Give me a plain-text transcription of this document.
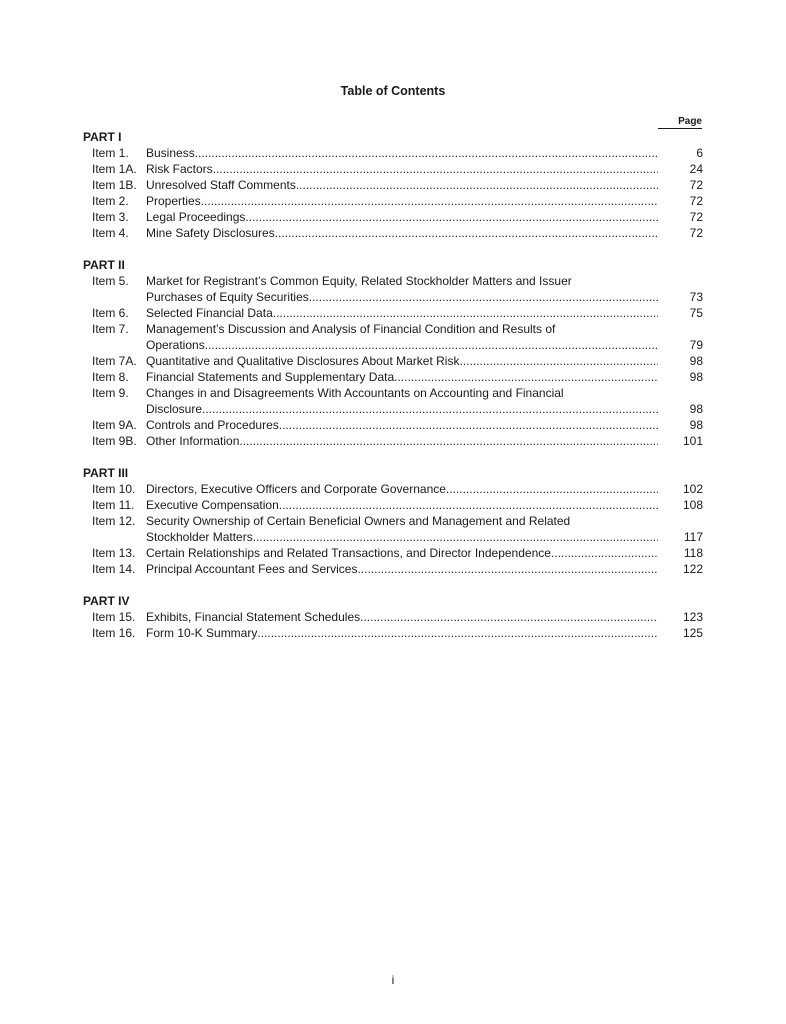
Table of Contents
Page
PART I
Item 1. Business .....	6
Item 1A. Risk Factors .....	24
Item 1B. Unresolved Staff Comments .....	72
Item 2. Properties .....	72
Item 3. Legal Proceedings .....	72
Item 4. Mine Safety Disclosures .....	72
PART II
Item 5. Market for Registrant’s Common Equity, Related Stockholder Matters and Issuer
Purchases of Equity Securities .....	73
Item 6. Selected Financial Data .....	75
Item 7. Management’s Discussion and Analysis of Financial Condition and Results of
Operations .....	79
Item 7A. Quantitative and Qualitative Disclosures About Market Risk .....	98
Item 8. Financial Statements and Supplementary Data .....	98
Item 9. Changes in and Disagreements With Accountants on Accounting and Financial
Disclosure .....	98
Item 9A. Controls and Procedures .....	98
Item 9B. Other Information .....	101
PART III
Item 10. Directors, Executive Officers and Corporate Governance .....	102
Item 11. Executive Compensation .....	108
Item 12. Security Ownership of Certain Beneficial Owners and Management and Related
Stockholder Matters .....	117
Item 13. Certain Relationships and Related Transactions, and Director Independence .....	118
Item 14. Principal Accountant Fees and Services .....	122
PART IV
Item 15. Exhibits, Financial Statement Schedules .....	123
Item 16. Form 10-K Summary .....	125
i
